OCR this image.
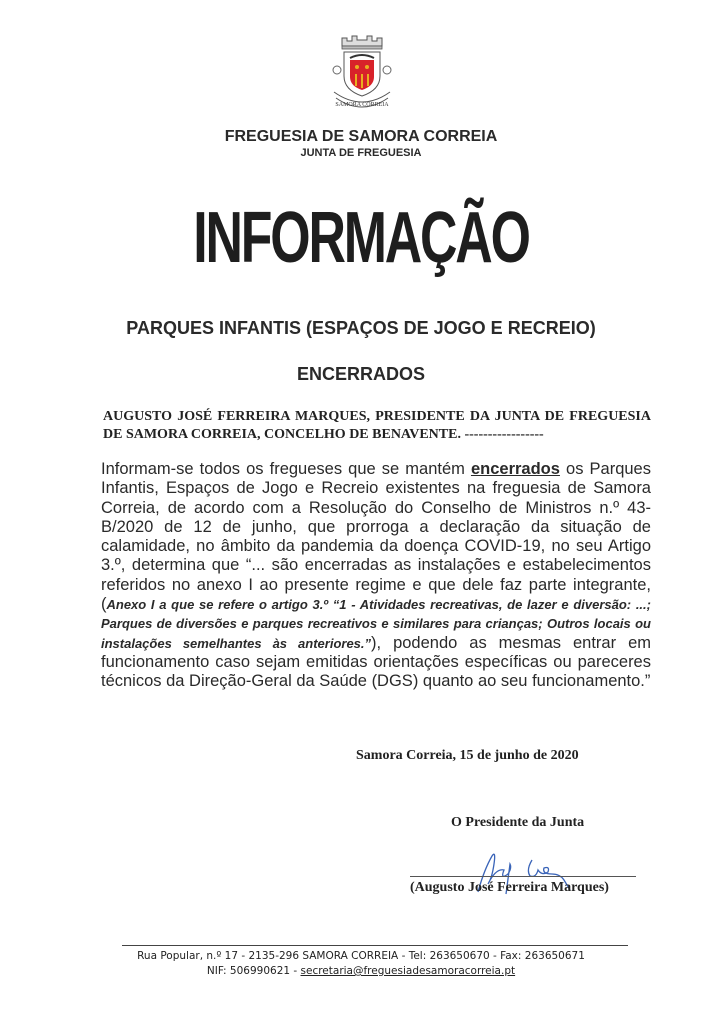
SAMORA CORREIA
FREGUESIA DE SAMORA CORREIA
JUNTA DE FREGUESIA
INFORMAÇÃO
PARQUES INFANTIS (ESPAÇOS DE JOGO E RECREIO)
ENCERRADOS
AUGUSTO JOSÉ FERREIRA MARQUES, PRESIDENTE DA JUNTA DE FREGUESIA DE SAMORA CORREIA, CONCELHO DE BENAVENTE. -----------------
Informam-se todos os fregueses que se mantém encerrados os Parques Infantis, Espaços de Jogo e Recreio existentes na freguesia de Samora Correia, de acordo com a Resolução do Conselho de Ministros n.º 43-B/2020 de 12 de junho, que prorroga a declaração da situação de calamidade, no âmbito da pandemia da doença COVID-19, no seu Artigo 3.º, determina que “... são encerradas as instalações e estabelecimentos referidos no anexo I ao presente regime e que dele faz parte integrante, (Anexo I a que se refere o artigo 3.º “1 - Atividades recreativas, de lazer e diversão: ...; Parques de diversões e parques recreativos e similares para crianças; Outros locais ou instalações semelhantes às anteriores.”), podendo as mesmas entrar em funcionamento caso sejam emitidas orientações específicas ou pareceres técnicos da Direção-Geral da Saúde (DGS) quanto ao seu funcionamento.”
Samora Correia, 15 de junho de 2020
O Presidente da Junta
(Augusto José Ferreira Marques)
Rua Popular, n.º 17 - 2135-296 SAMORA CORREIA - Tel: 263650670 - Fax: 263650671
NIF: 506990621 - secretaria@freguesiadesamoracorreia.pt
